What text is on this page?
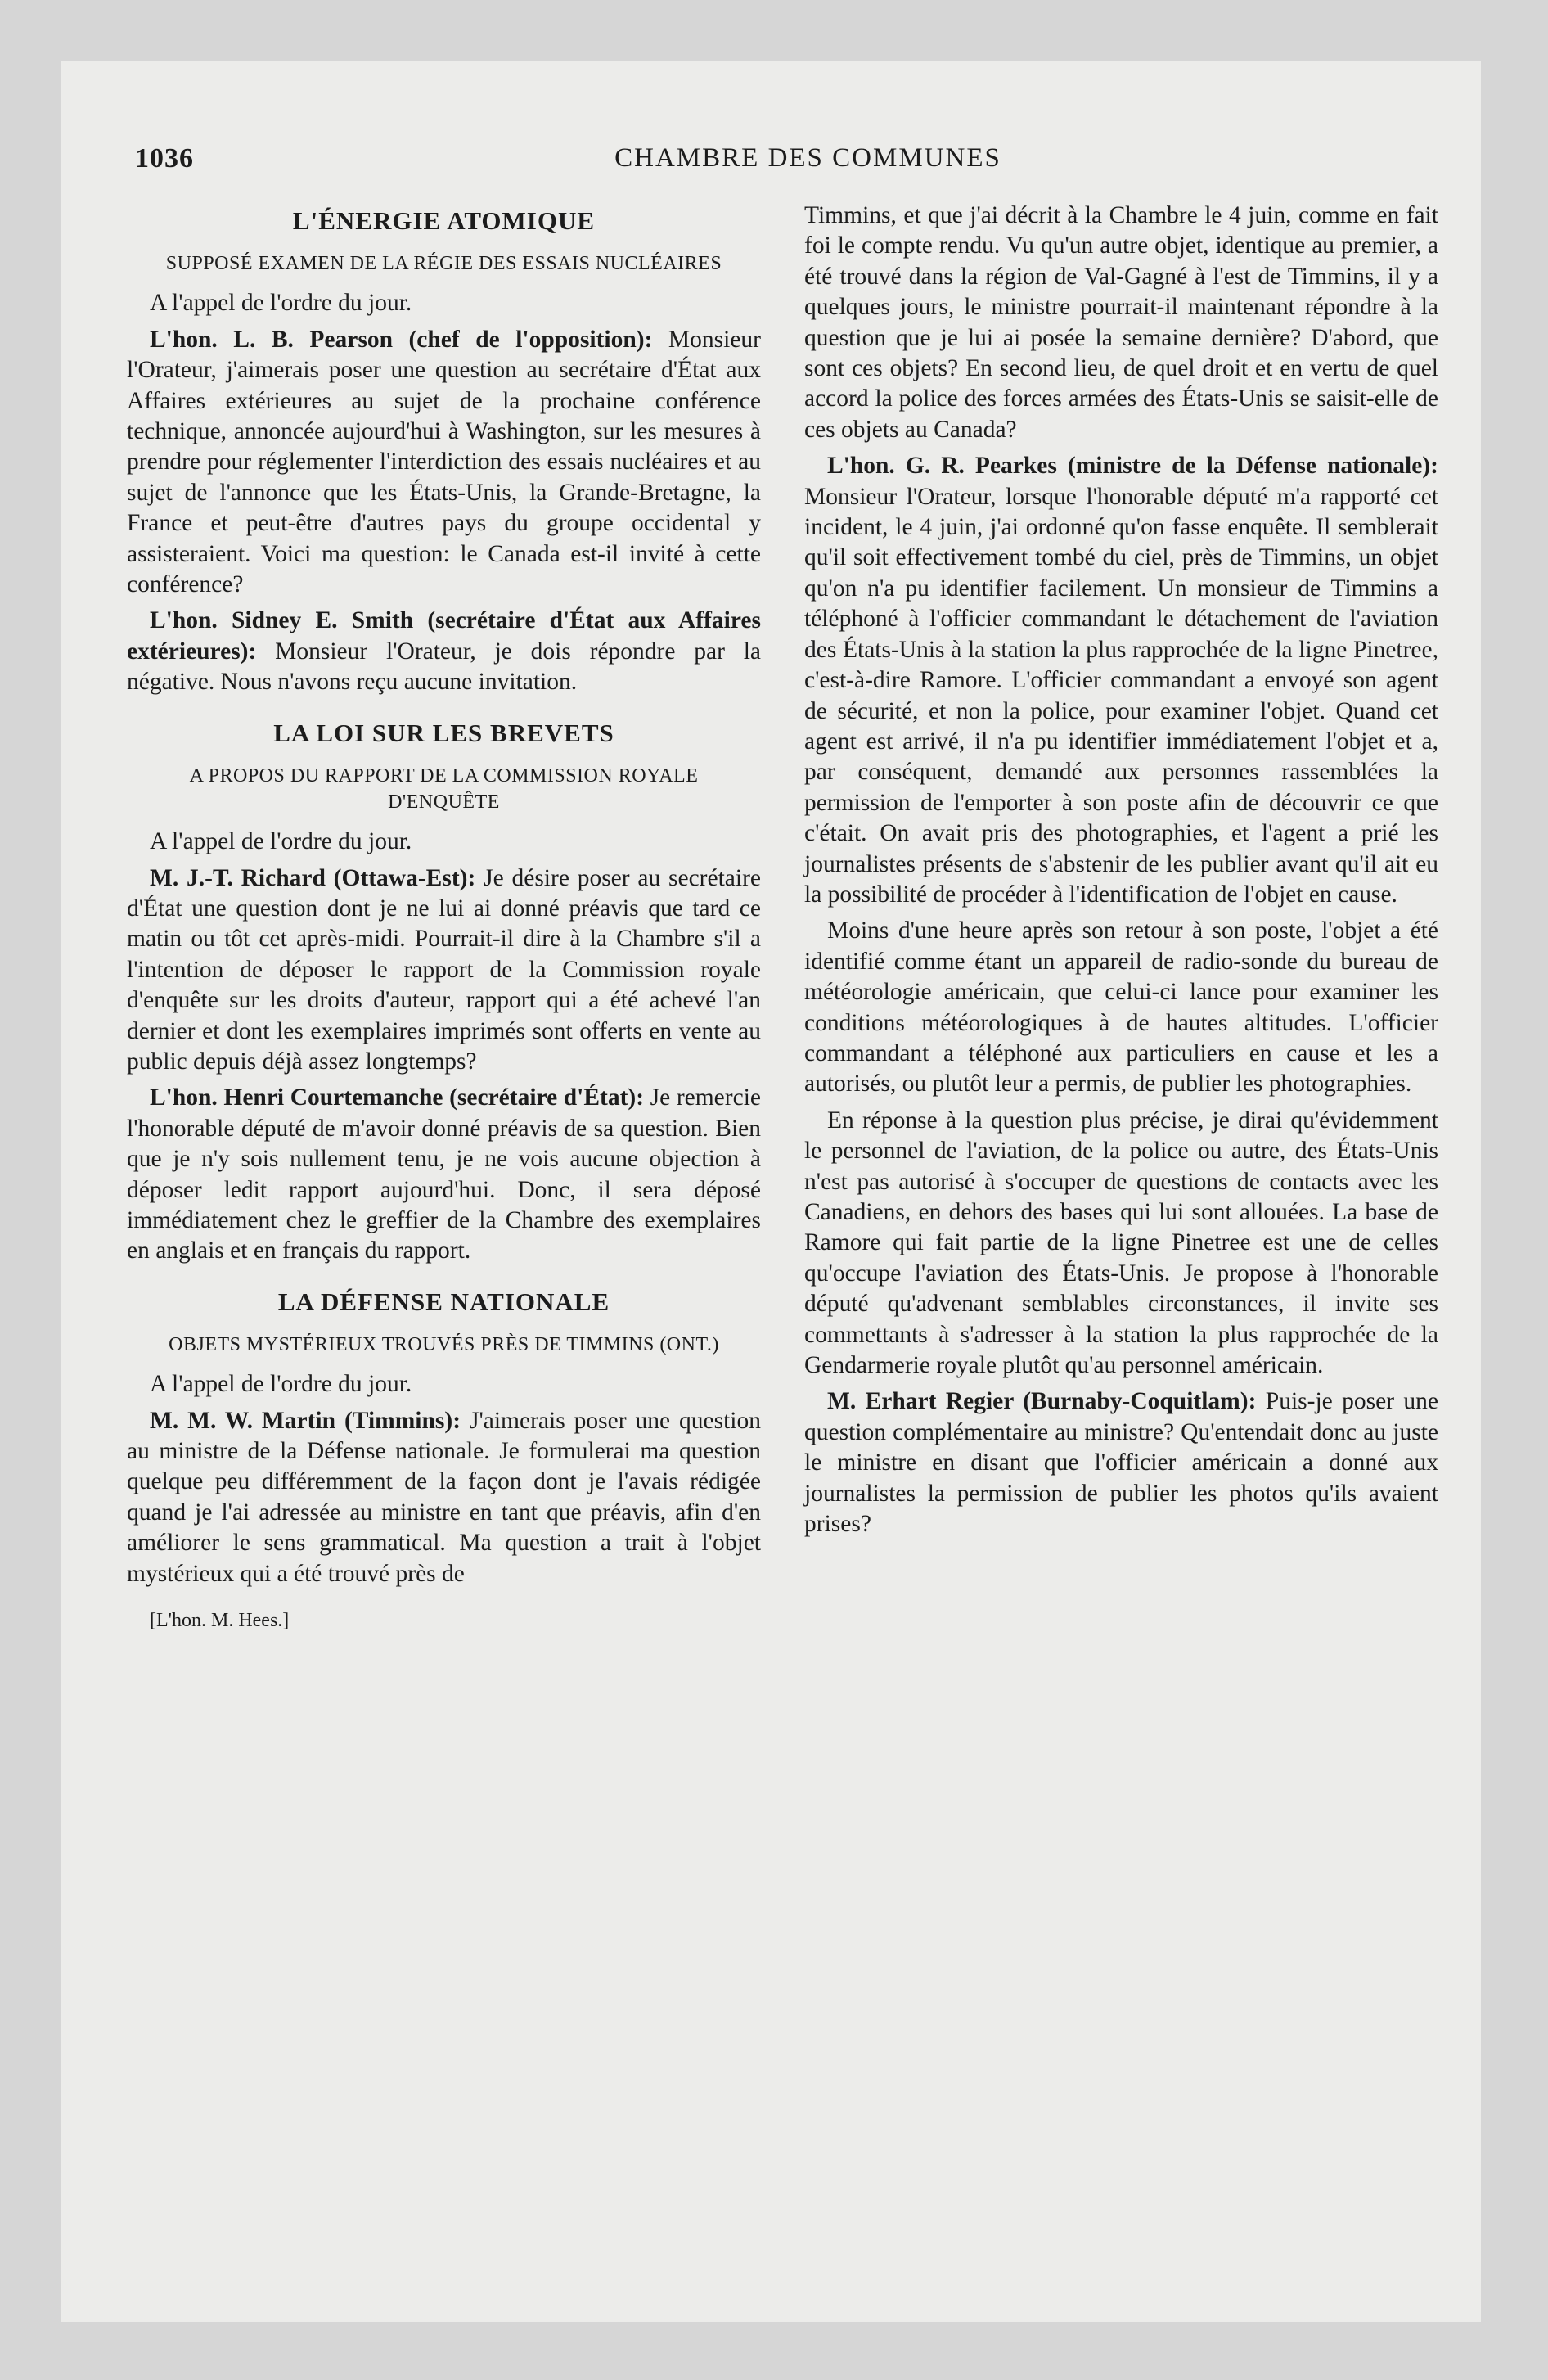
1036	CHAMBRE DES COMMUNES
L'ÉNERGIE ATOMIQUE
SUPPOSÉ EXAMEN DE LA RÉGIE DES ESSAIS NUCLÉAIRES

A l'appel de l'ordre du jour.

L'hon. L. B. Pearson (chef de l'opposition): Monsieur l'Orateur, j'aimerais poser une question au secrétaire d'État aux Affaires extérieures au sujet de la prochaine conférence technique, annoncée aujourd'hui à Washington, sur les mesures à prendre pour réglementer l'interdiction des essais nucléaires et au sujet de l'annonce que les États-Unis, la Grande-Bretagne, la France et peut-être d'autres pays du groupe occidental y assisteraient. Voici ma question: le Canada est-il invité à cette conférence?

L'hon. Sidney E. Smith (secrétaire d'État aux Affaires extérieures): Monsieur l'Orateur, je dois répondre par la négative. Nous n'avons reçu aucune invitation.

LA LOI SUR LES BREVETS
A PROPOS DU RAPPORT DE LA COMMISSION ROYALE D'ENQUÊTE

A l'appel de l'ordre du jour.

M. J.-T. Richard (Ottawa-Est): Je désire poser au secrétaire d'État une question dont je ne lui ai donné préavis que tard ce matin ou tôt cet après-midi. Pourrait-il dire à la Chambre s'il a l'intention de déposer le rapport de la Commission royale d'enquête sur les droits d'auteur, rapport qui a été achevé l'an dernier et dont les exemplaires imprimés sont offerts en vente au public depuis déjà assez longtemps?

L'hon. Henri Courtemanche (secrétaire d'État): Je remercie l'honorable député de m'avoir donné préavis de sa question. Bien que je n'y sois nullement tenu, je ne vois aucune objection à déposer ledit rapport aujourd'hui. Donc, il sera déposé immédiatement chez le greffier de la Chambre des exemplaires en anglais et en français du rapport.

LA DÉFENSE NATIONALE
OBJETS MYSTÉRIEUX TROUVÉS PRÈS DE TIMMINS (ONT.)

A l'appel de l'ordre du jour.

M. M. W. Martin (Timmins): J'aimerais poser une question au ministre de la Défense nationale. Je formulerai ma question quelque peu différemment de la façon dont je l'avais rédigée quand je l'ai adressée au ministre en tant que préavis, afin d'en améliorer le sens grammatical. Ma question a trait à l'objet mystérieux qui a été trouvé près de

[L'hon. M. Hees.]

Timmins, et que j'ai décrit à la Chambre le 4 juin, comme en fait foi le compte rendu. Vu qu'un autre objet, identique au premier, a été trouvé dans la région de Val-Gagné à l'est de Timmins, il y a quelques jours, le ministre pourrait-il maintenant répondre à la question que je lui ai posée la semaine dernière? D'abord, que sont ces objets? En second lieu, de quel droit et en vertu de quel accord la police des forces armées des États-Unis se saisit-elle de ces objets au Canada?

L'hon. G. R. Pearkes (ministre de la Défense nationale): Monsieur l'Orateur, lorsque l'honorable député m'a rapporté cet incident, le 4 juin, j'ai ordonné qu'on fasse enquête. Il semblerait qu'il soit effectivement tombé du ciel, près de Timmins, un objet qu'on n'a pu identifier facilement. Un monsieur de Timmins a téléphoné à l'officier commandant le détachement de l'aviation des États-Unis à la station la plus rapprochée de la ligne Pinetree, c'est-à-dire Ramore. L'officier commandant a envoyé son agent de sécurité, et non la police, pour examiner l'objet. Quand cet agent est arrivé, il n'a pu identifier immédiatement l'objet et a, par conséquent, demandé aux personnes rassemblées la permission de l'emporter à son poste afin de découvrir ce que c'était. On avait pris des photographies, et l'agent a prié les journalistes présents de s'abstenir de les publier avant qu'il ait eu la possibilité de procéder à l'identification de l'objet en cause.

Moins d'une heure après son retour à son poste, l'objet a été identifié comme étant un appareil de radio-sonde du bureau de météorologie américain, que celui-ci lance pour examiner les conditions météorologiques à de hautes altitudes. L'officier commandant a téléphoné aux particuliers en cause et les a autorisés, ou plutôt leur a permis, de publier les photographies.

En réponse à la question plus précise, je dirai qu'évidemment le personnel de l'aviation, de la police ou autre, des États-Unis n'est pas autorisé à s'occuper de questions de contacts avec les Canadiens, en dehors des bases qui lui sont allouées. La base de Ramore qui fait partie de la ligne Pinetree est une de celles qu'occupe l'aviation des États-Unis. Je propose à l'honorable député qu'advenant semblables circonstances, il invite ses commettants à s'adresser à la station la plus rapprochée de la Gendarmerie royale plutôt qu'au personnel américain.

M. Erhart Regier (Burnaby-Coquitlam): Puis-je poser une question complémentaire au ministre? Qu'entendait donc au juste le ministre en disant que l'officier américain a donné aux journalistes la permission de publier les photos qu'ils avaient prises?
